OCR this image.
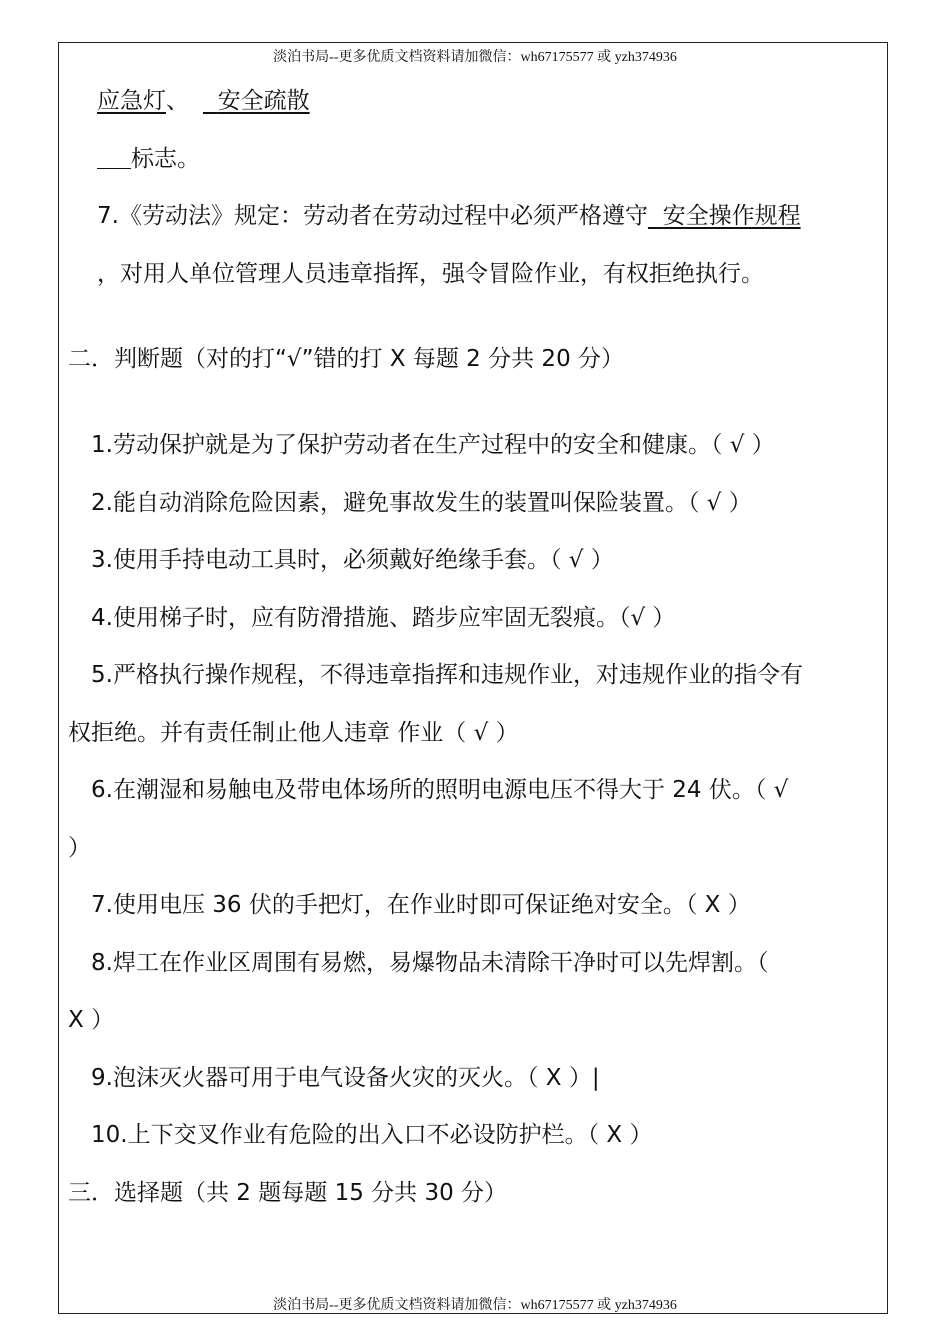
淡泊书局--更多优质文档资料请加微信：wh67175577 或 yzh374936
应急灯、 安全疏散
标志。
7.《劳动法》规定：劳动者在劳动过程中必须严格遵守 安全操作规程
，对用人单位管理人员违章指挥，强令冒险作业，有权拒绝执行。
二．判断题（对的打“√”错的打 X 每题 2 分共 20 分）
1.劳动保护就是为了保护劳动者在生产过程中的安全和健康。（ √ ）
2.能自动消除危险因素，避免事故发生的装置叫保险装置。（ √ ）
3.使用手持电动工具时，必须戴好绝缘手套。（ √ ）
4.使用梯子时，应有防滑措施、踏步应牢固无裂痕。（√ ）
5.严格执行操作规程，不得违章指挥和违规作业，对违规作业的指令有
权拒绝。并有责任制止他人违章 作业（ √ ）
6.在潮湿和易触电及带电体场所的照明电源电压不得大于 24 伏。（ √
）
7.使用电压 36 伏的手把灯，在作业时即可保证绝对安全。（ X ）
8.焊工在作业区周围有易燃，易爆物品未清除干净时可以先焊割。（
X ）
9.泡沫灭火器可用于电气设备火灾的灭火。（ X ）|
10.上下交叉作业有危险的出入口不必设防护栏。（ X ）
三．选择题（共 2 题每题 15 分共 30 分）
淡泊书局--更多优质文档资料请加微信：wh67175577 或 yzh374936
